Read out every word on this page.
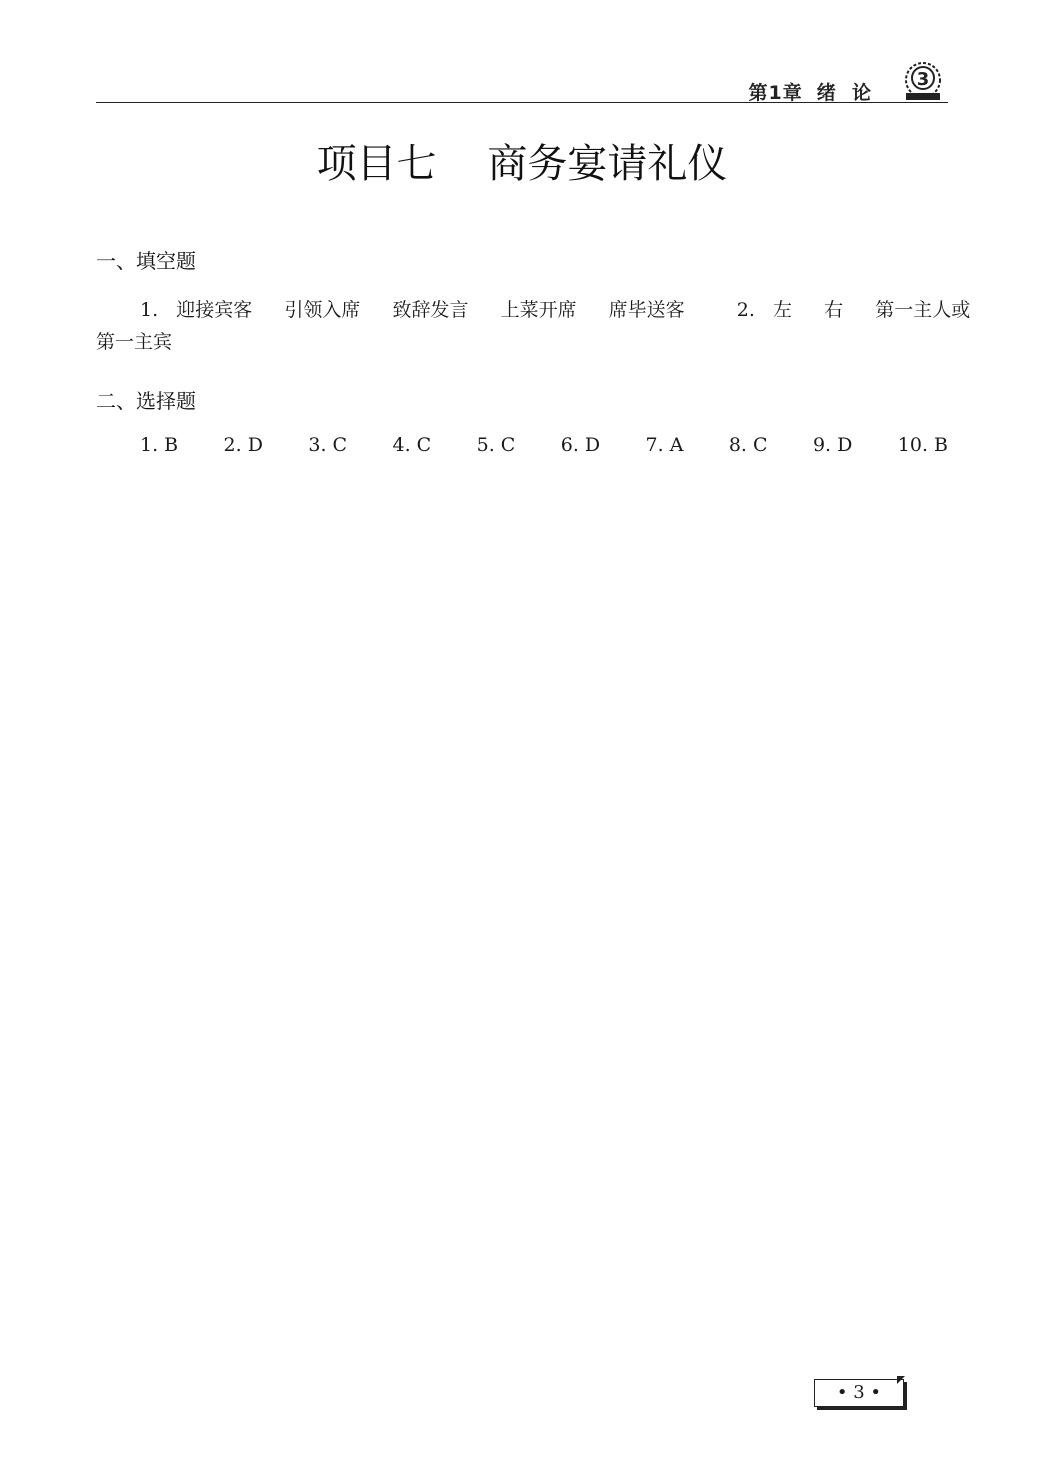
第1章 绪  论
3
项目七    商务宴请礼仪
一、填空题

1. 迎接宾客 引领入席 致辞发言 上菜开席 席毕送客	2. 左 右 第一主人或

第一主宾

二、选择题
1. B 2. D 3. C 4. C 5. C 6. D 7. A 8. C 9. D 10. B
• 3 •
